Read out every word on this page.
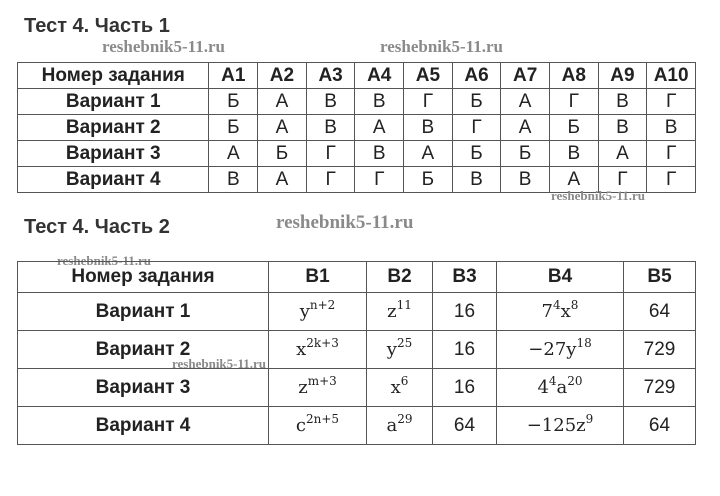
Тест 4. Часть 1
reshebnik5-11.ru	reshebnik5-11.ru
Номер задания	А1	А2	А3	А4	А5	А6	А7	А8	А9	А10
Вариант 1	Б	А	В	В	Г	Б	А	Г	В	Г
Вариант 2	Б	А	В	А	В	Г	А	Б	В	В
Вариант 3	А	Б	Г	В	А	Б	Б	В	А	Г
Вариант 4	В	А	Г	Г	Б	В	В	А	Г	Г
reshebnik5-11.ru
Тест 4. Часть 2	reshebnik5-11.ru
reshebnik5-11.ru
Номер задания	В1	В2	В3	В4	В5
Вариант 1	$y^{n+2}$	$z^{11}$	16	$7^4x^8$	64
Вариант 2	$x^{2k+3}$	$y^{25}$	16	$-27y^{18}$	729
Вариант 3	$z^{m+3}$	$x^6$	16	$4^4a^{20}$	729
Вариант 4	$c^{2n+5}$	$a^{29}$	64	$-125z^9$	64
reshebnik5-11.ru
